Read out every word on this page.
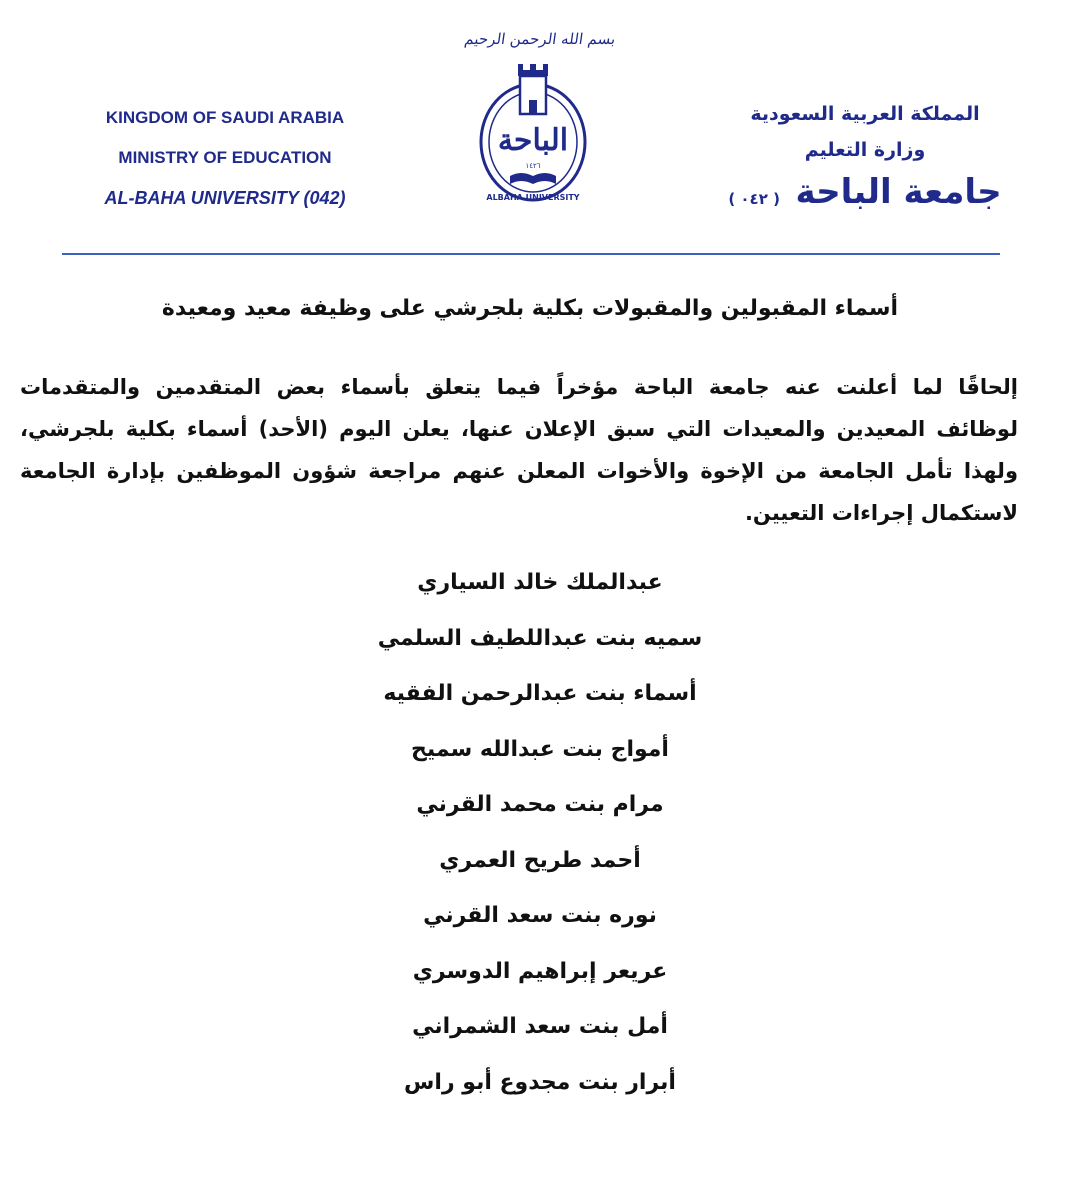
KINGDOM OF SAUDI ARABIA
MINISTRY OF EDUCATION
AL-BAHA UNIVERSITY (042)
بسم الله الرحمن الرحيم
الباحة
١٤٢٦
ALBAHA UNIVERSITY
المملكة العربية السعودية
وزارة التعليم
جامعة الباحة ( ٠٤٢ )
أسماء المقبولين والمقبولات بكلية بلجرشي على وظيفة معيد ومعيدة
إلحاقًا لما أعلنت عنه جامعة الباحة مؤخراً فيما يتعلق بأسماء بعض المتقدمين والمتقدمات
لوظائف المعيدين والمعيدات التي سبق الإعلان عنها، يعلن اليوم (الأحد) أسماء بكلية بلجرشي،
ولهذا تأمل الجامعة من الإخوة والأخوات المعلن عنهم مراجعة شؤون الموظفين بإدارة الجامعة
لاستكمال إجراءات التعيين.
عبدالملك خالد السياري
سميه بنت عبداللطيف السلمي
أسماء بنت عبدالرحمن الفقيه
أمواج بنت عبدالله سميح
مرام بنت محمد القرني
أحمد طريح العمري
نوره بنت سعد القرني
عريعر إبراهيم الدوسري
أمل بنت سعد الشمراني
أبرار بنت مجدوع أبو راس
